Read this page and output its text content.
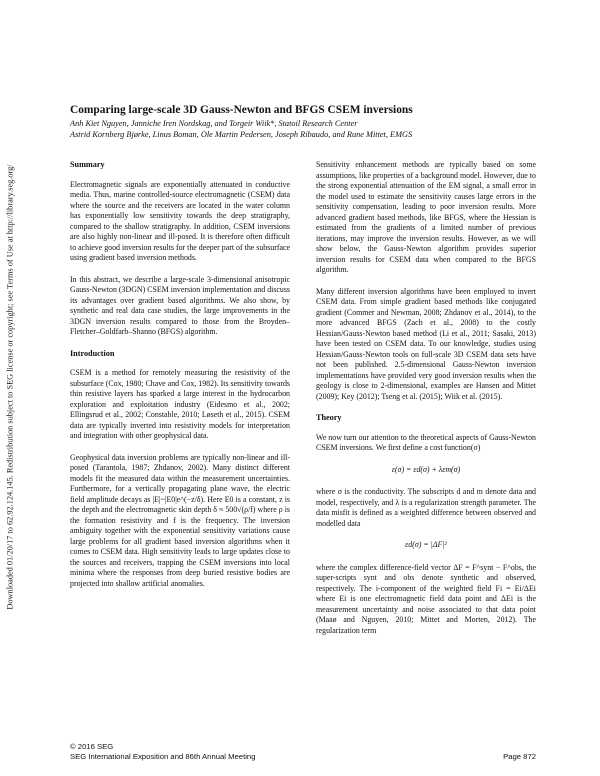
Downloaded 01/20/17 to 62.92.124.145. Redistribution subject to SEG license or copyright; see Terms of Use at http://library.seg.org/
Comparing large-scale 3D Gauss-Newton and BFGS CSEM inversions
Anh Kiet Nguyen, Janniche Iren Nordskag, and Torgeir Wiik*, Statoil Research Center
Astrid Kornberg Bjørke, Linus Boman, Ole Martin Pedersen, Joseph Ribaudo, and Rune Mittet, EMGS
Summary

Electromagnetic signals are exponentially attenuated in conductive media. Thus, marine controlled-source electromagnetic (CSEM) data where the source and the receivers are located in the water column has exponentially low sensitivity towards the deep stratigraphy, compared to the shallow stratigraphy. In addition, CSEM inversions are also highly non-linear and ill-posed. It is therefore often difficult to achieve good inversion results for the deeper part of the subsurface using gradient based inversion methods.

In this abstract, we describe a large-scale 3-dimensional anisotropic Gauss-Newton (3DGN) CSEM inversion implementation and discuss its advantages over gradient based algorithms. We also show, by synthetic and real data case studies, the large improvements in the 3DGN inversion results compared to those from the Broyden–Fletcher–Goldfarb–Shanno (BFGS) algorithm.

Introduction

CSEM is a method for remotely measuring the resistivity of the subsurface (Cox, 1980; Chave and Cox, 1982). Its sensitivity towards thin resistive layers has sparked a large interest in the hydrocarbon exploration and exploitation industry (Eidesmo et al., 2002; Ellingsrud et al., 2002; Constable, 2010; Løseth et al., 2015). CSEM data are typically inverted into resistivity models for interpretation and integration with other geophysical data.

Geophysical data inversion problems are typically non-linear and ill-posed (Tarantola, 1987; Zhdanov, 2002). Many distinct different models fit the measured data within the measurement uncertainties. Furthermore, for a vertically propagating plane wave, the electric field amplitude decays as |E|~|E0|e^(−z/δ). Here E0 is a constant, z is the depth and the electromagnetic skin depth δ ≈ 500√(ρ/f) where ρ is the formation resistivity and f is the frequency. The inversion ambiguity together with the exponential sensitivity variations cause large problems for all gradient based inversion algorithms when it comes to CSEM data. High sensitivity leads to large updates close to the sources and receivers, trapping the CSEM inversions into local minima where the responses from deep buried resistive bodies are projected into shallow artificial anomalies.

Sensitivity enhancement methods are typically based on some assumptions, like properties of a background model. However, due to the strong exponential attenuation of the EM signal, a small error in the model used to estimate the sensitivity causes large errors in the sensitivity compensation, leading to poor inversion results. More advanced gradient based methods, like BFGS, where the Hessian is estimated from the gradients of a limited number of previous iterations, may improve the inversion results. However, as we will show below, the Gauss-Newton algorithm provides superior inversion results for CSEM data when compared to the BFGS algorithm.

Many different inversion algorithms have been employed to invert CSEM data. From simple gradient based methods like conjugated gradient (Commer and Newman, 2008; Zhdanov et al., 2014), to the more advanced BFGS (Zach et al., 2008) to the costly Hessian/Gauss-Newton based method (Li et al., 2011; Sasaki, 2013) have been tested on CSEM data. To our knowledge, studies using Hessian/Gauss-Newton tools on full-scale 3D CSEM data sets have not been published. 2.5-dimensional Gauss-Newton inversion implementations have provided very good inversion results when the geology is close to 2-dimensional, examples are Hansen and Mittet (2009); Key (2012); Tseng et al. (2015); Wiik et al. (2015).

Theory

We now turn our attention to the theoretical aspects of Gauss-Newton CSEM inversions. We first define a cost function(σ)

ε(σ) = εd(σ) + λεm(σ)

where σ is the conductivity. The subscripts d and m denote data and model, respectively, and λ is a regularization strength parameter. The data misfit is defined as a weighted difference between observed and modelled data

εd(σ) = |ΔF|²

where the complex difference-field vector ΔF = F^synt − F^obs, the super-scripts synt and obs denote synthetic and observed, respectively. The i-component of the weighted field Fi = Ei/ΔEi where Ei is one electromagnetic field data point and ΔEi is the measurement uncertainty and noise associated to that data point (Maaø and Nguyen, 2010; Mittet and Morten, 2012). The regularization term

© 2016 SEG
SEG International Exposition and 86th Annual Meeting	Page 872
